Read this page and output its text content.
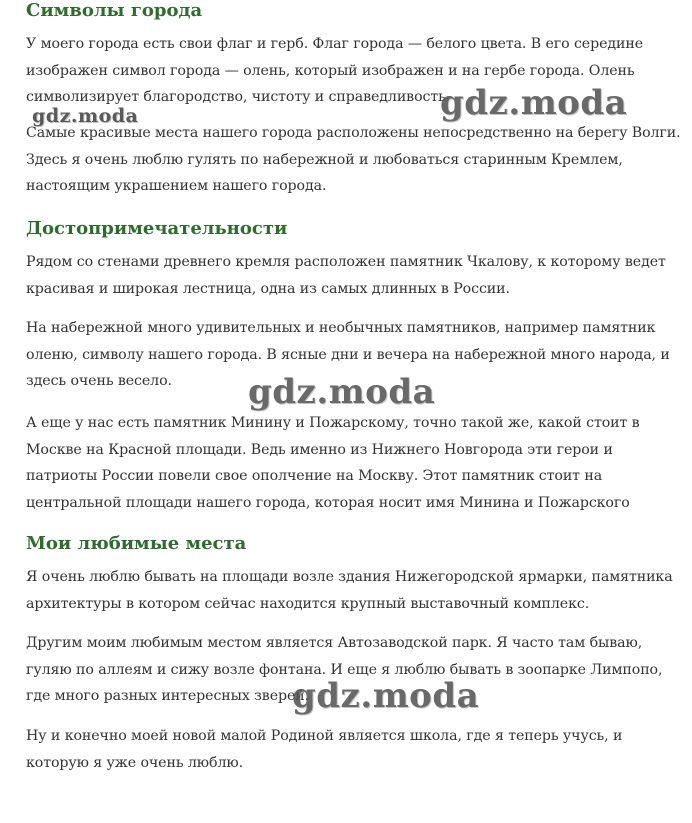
Символы города

У моего города есть свои флаг и герб. Флаг города — белого цвета. В его середине изображен символ города — олень, который изображен и на гербе города. Олень символизирует благородство, чистоту и справедливость.

Самые красивые места нашего города расположены непосредственно на берегу Волги. Здесь я очень люблю гулять по набережной и любоваться старинным Кремлем, настоящим украшением нашего города.

Достопримечательности

Рядом со стенами древнего кремля расположен памятник Чкалову, к которому ведет красивая и широкая лестница, одна из самых длинных в России.

На набережной много удивительных и необычных памятников, например памятник оленю, символу нашего города. В ясные дни и вечера на набережной много народа, и здесь очень весело.

А еще у нас есть памятник Минину и Пожарскому, точно такой же, какой стоит в Москве на Красной площади. Ведь именно из Нижнего Новгорода эти герои и патриоты России повели свое ополчение на Москву. Этот памятник стоит на центральной площади нашего города, которая носит имя Минина и Пожарского

Мои любимые места

Я очень люблю бывать на площади возле здания Нижегородской ярмарки, памятника архитектуры в котором сейчас находится крупный выставочный комплекс.

Другим моим любимым местом является Автозаводской парк. Я часто там бываю, гуляю по аллеям и сижу возле фонтана. И еще я люблю бывать в зоопарке Лимпопо, где много разных интересных зверей.

Ну и конечно моей новой малой Родиной является школа, где я теперь учусь, и которую я уже очень люблю.

gdz.moda	gdz.moda
gdz.moda
gdz.moda
